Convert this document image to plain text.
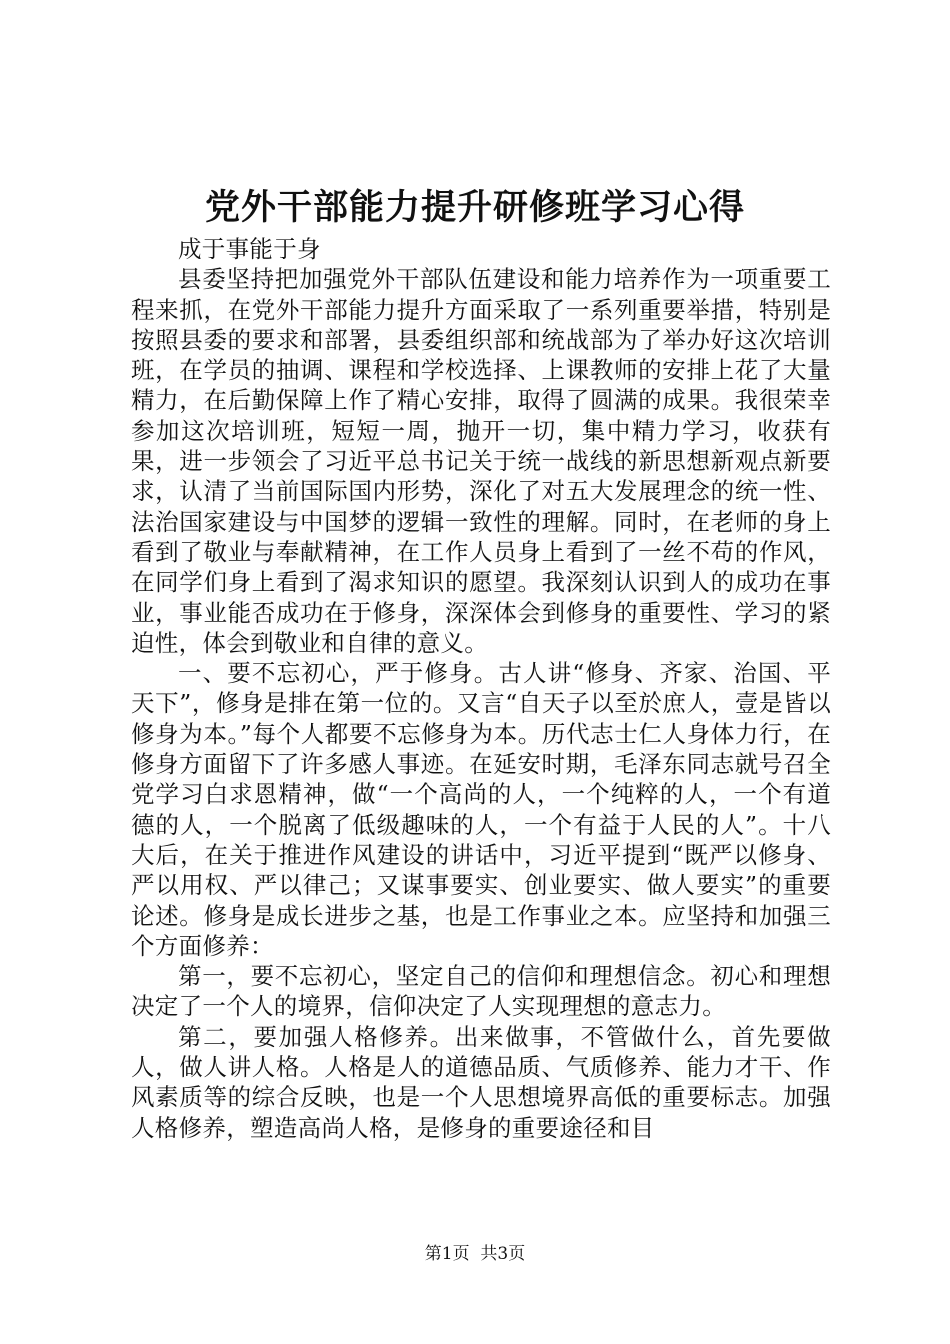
党外干部能力提升研修班学习心得

成于事能于身

县委坚持把加强党外干部队伍建设和能力培养作为一项重要工程来抓，在党外干部能力提升方面采取了一系列重要举措，特别是按照县委的要求和部署，县委组织部和统战部为了举办好这次培训班，在学员的抽调、课程和学校选择、上课教师的安排上花了大量精力，在后勤保障上作了精心安排，取得了圆满的成果。我很荣幸参加这次培训班，短短一周，抛开一切，集中精力学习，收获有果，进一步领会了习近平总书记关于统一战线的新思想新观点新要求，认清了当前国际国内形势，深化了对五大发展理念的统一性、法治国家建设与中国梦的逻辑一致性的理解。同时，在老师的身上看到了敬业与奉献精神，在工作人员身上看到了一丝不苟的作风，在同学们身上看到了渴求知识的愿望。我深刻认识到人的成功在事业，事业能否成功在于修身，深深体会到修身的重要性、学习的紧迫性，体会到敬业和自律的意义。

一、要不忘初心，严于修身。古人讲“修身、齐家、治国、平天下”，修身是排在第一位的。又言“自天子以至於庶人，壹是皆以修身为本。”每个人都要不忘修身为本。历代志士仁人身体力行，在修身方面留下了许多感人事迹。在延安时期，毛泽东同志就号召全党学习白求恩精神，做“一个高尚的人，一个纯粹的人，一个有道德的人，一个脱离了低级趣味的人，一个有益于人民的人”。十八大后，在关于推进作风建设的讲话中，习近平提到“既严以修身、严以用权、严以律己；又谋事要实、创业要实、做人要实”的重要论述。修身是成长进步之基，也是工作事业之本。应坚持和加强三个方面修养：

第一，要不忘初心，坚定自己的信仰和理想信念。初心和理想决定了一个人的境界，信仰决定了人实现理想的意志力。

第二，要加强人格修养。出来做事，不管做什么，首先要做人，做人讲人格。人格是人的道德品质、气质修养、能力才干、作风素质等的综合反映，也是一个人思想境界高低的重要标志。加强人格修养，塑造高尚人格，是修身的重要途径和目

第1页 共3页
